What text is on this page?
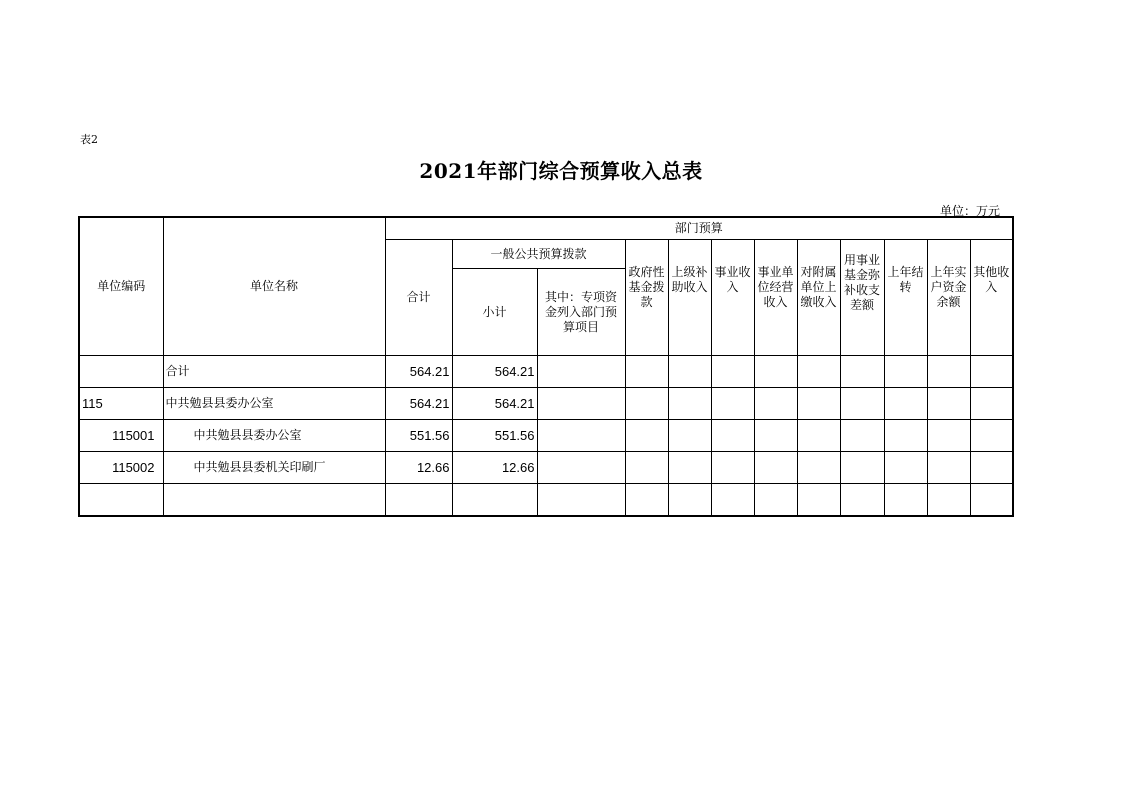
表2
2021年部门综合预算收入总表
单位：万元
单位编码	单位名称	部门预算											
		合计	一般公共预算拨款		政府性基金拨款	上级补助收入	事业收入	事业单位经营收入	对附属单位上缴收入	用事业基金弥补收支差额	上年结转	上年实户资金余额	其他收入
			小计	其中：专项资金列入部门预算项目									
	合计	564.21	564.21										
115	中共勉县县委办公室	564.21	564.21										
115001	中共勉县县委办公室	551.56	551.56										
115002	中共勉县县委机关印刷厂	12.66	12.66										
